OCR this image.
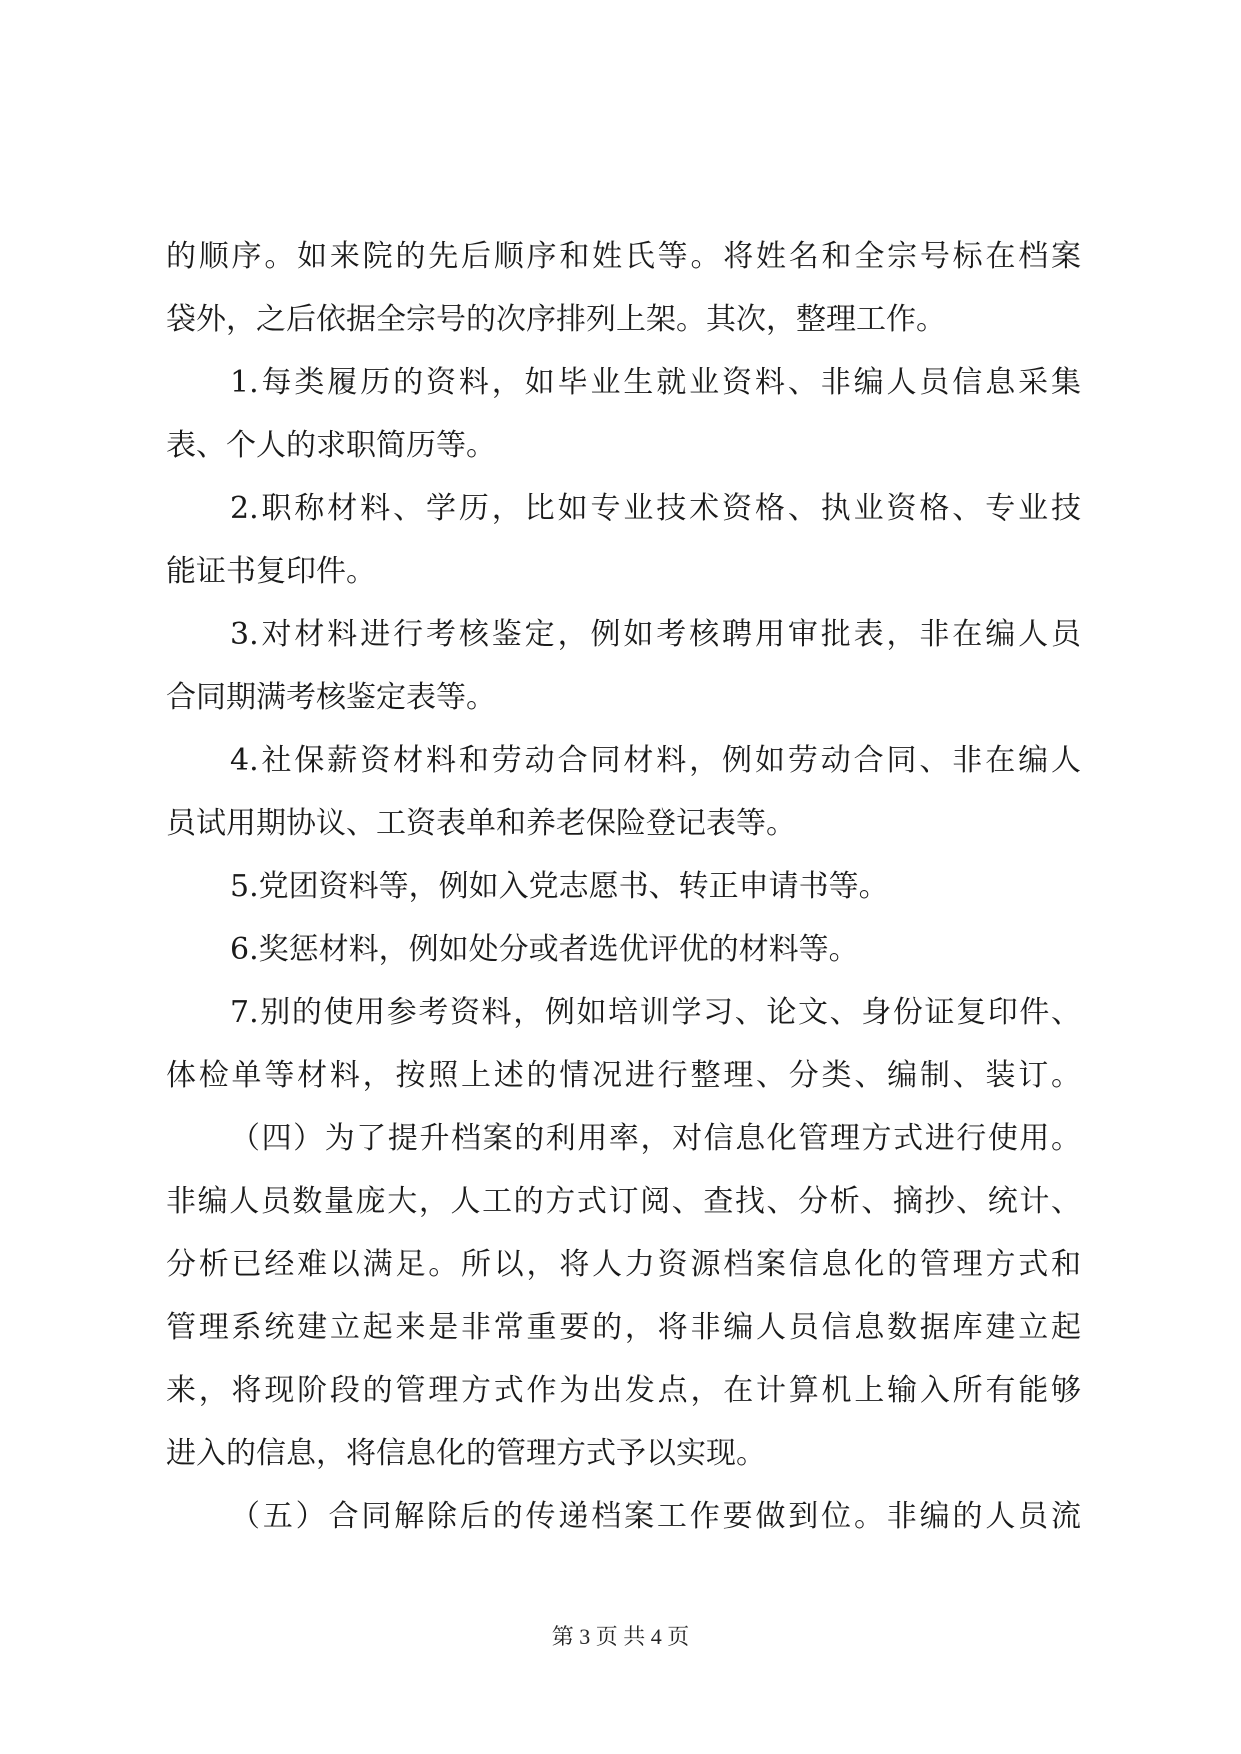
的顺序。如来院的先后顺序和姓氏等。将姓名和全宗号标在档案
袋外，之后依据全宗号的次序排列上架。其次，整理工作。
1.每类履历的资料，如毕业生就业资料、非编人员信息采集
表、个人的求职简历等。
2.职称材料、学历，比如专业技术资格、执业资格、专业技
能证书复印件。
3.对材料进行考核鉴定，例如考核聘用审批表，非在编人员
合同期满考核鉴定表等。
4.社保薪资材料和劳动合同材料，例如劳动合同、非在编人
员试用期协议、工资表单和养老保险登记表等。
5.党团资料等，例如入党志愿书、转正申请书等。
6.奖惩材料，例如处分或者选优评优的材料等。
7.别的使用参考资料，例如培训学习、论文、身份证复印件、
体检单等材料，按照上述的情况进行整理、分类、编制、装订。
（四）为了提升档案的利用率，对信息化管理方式进行使用。
非编人员数量庞大，人工的方式订阅、查找、分析、摘抄、统计、
分析已经难以满足。所以，将人力资源档案信息化的管理方式和
管理系统建立起来是非常重要的，将非编人员信息数据库建立起
来，将现阶段的管理方式作为出发点，在计算机上输入所有能够
进入的信息，将信息化的管理方式予以实现。
（五）合同解除后的传递档案工作要做到位。非编的人员流
第 3 页 共 4 页
